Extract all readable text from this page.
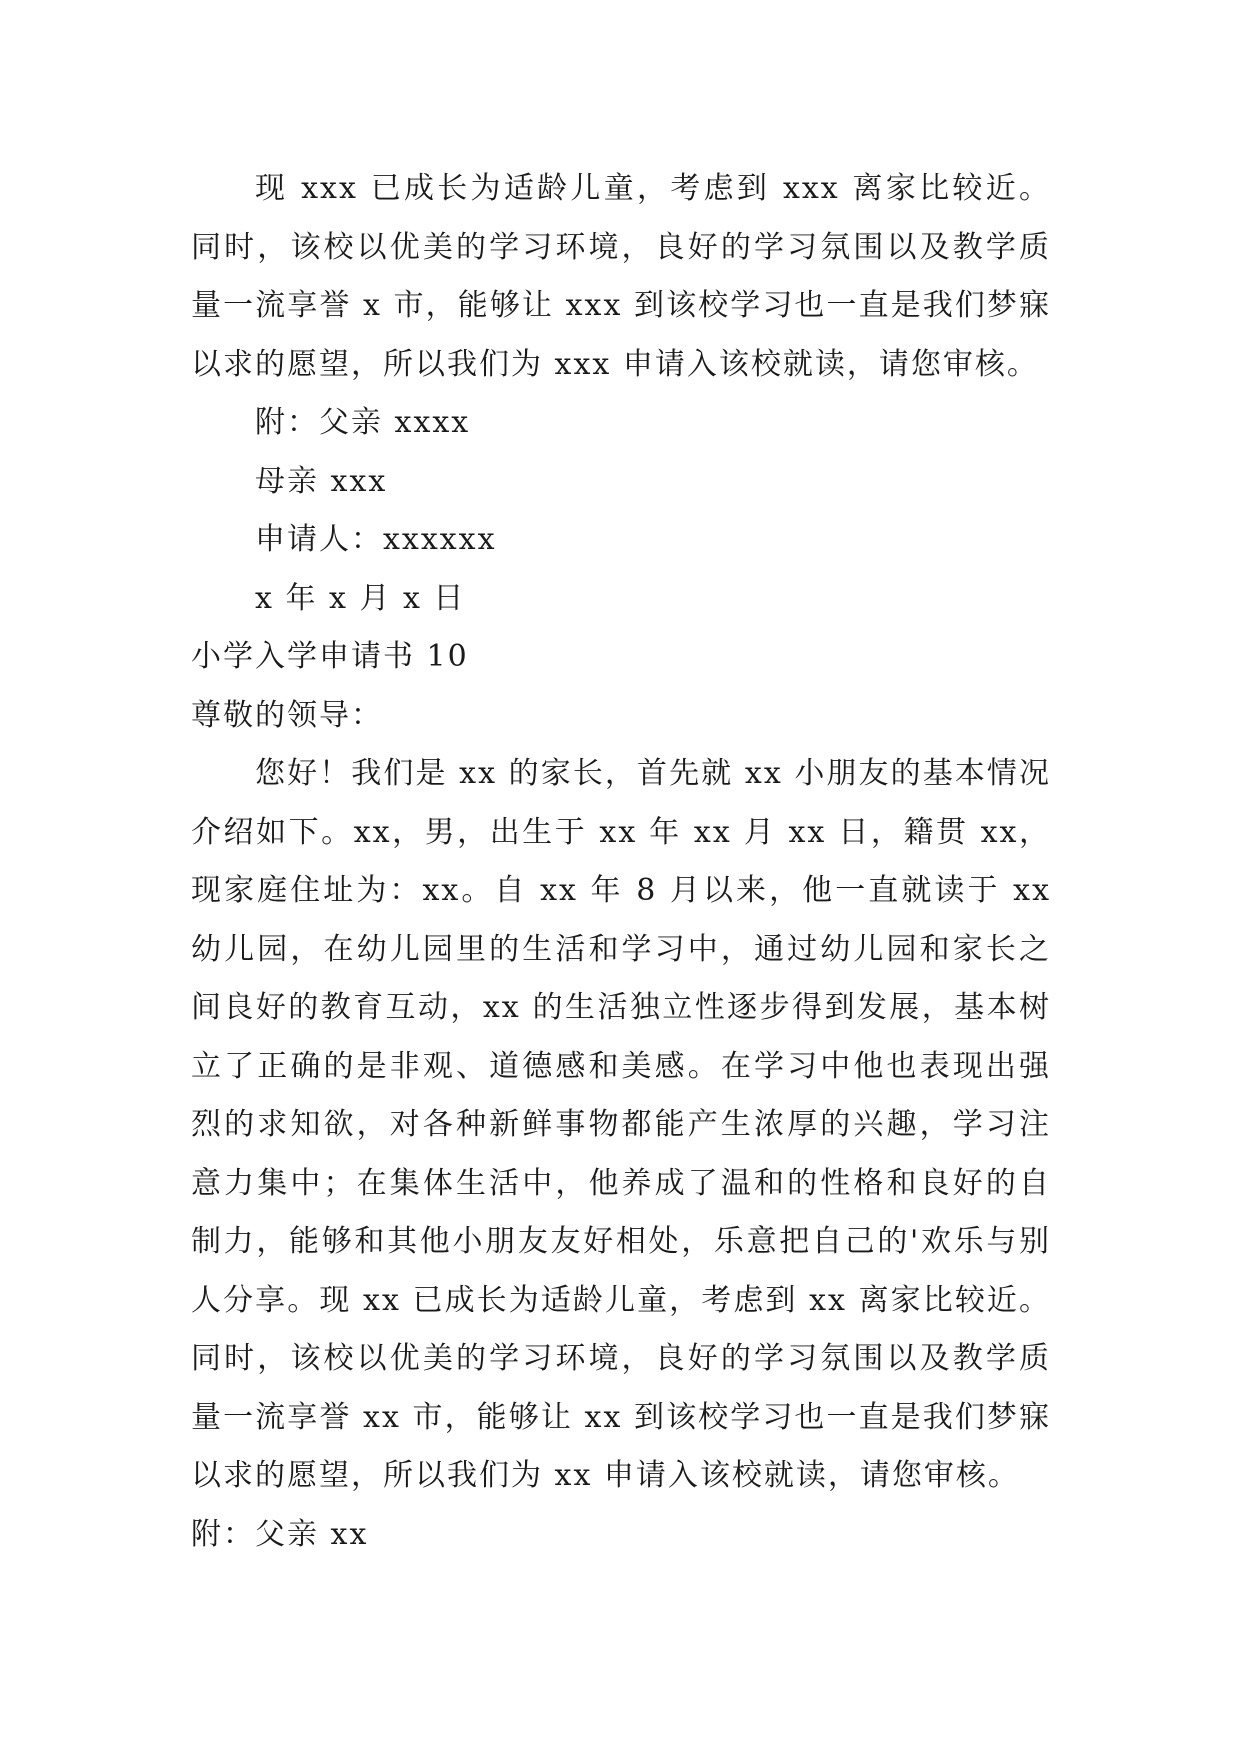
现 xxx 已成长为适龄儿童，考虑到 xxx 离家比较近。同时，该校以优美的学习环境，良好的学习氛围以及教学质量一流享誉 x 市，能够让 xxx 到该校学习也一直是我们梦寐以求的愿望，所以我们为 xxx 申请入该校就读，请您审核。

附：父亲 xxxx

母亲 xxx

申请人：xxxxxx

x 年 x 月 x 日

小学入学申请书 10

尊敬的领导：

您好！我们是 xx 的家长，首先就 xx 小朋友的基本情况介绍如下。xx，男，出生于 xx 年 xx 月 xx 日，籍贯 xx，现家庭住址为：xx。自 xx 年 8 月以来，他一直就读于 xx 幼儿园，在幼儿园里的生活和学习中，通过幼儿园和家长之间良好的教育互动，xx 的生活独立性逐步得到发展，基本树立了正确的是非观、道德感和美感。在学习中他也表现出强烈的求知欲，对各种新鲜事物都能产生浓厚的兴趣，学习注意力集中；在集体生活中，他养成了温和的性格和良好的自制力，能够和其他小朋友友好相处，乐意把自己的'欢乐与别人分享。现 xx 已成长为适龄儿童，考虑到 xx 离家比较近。同时，该校以优美的学习环境，良好的学习氛围以及教学质量一流享誉 xx 市，能够让 xx 到该校学习也一直是我们梦寐以求的愿望，所以我们为 xx 申请入该校就读，请您审核。

附：父亲 xx
